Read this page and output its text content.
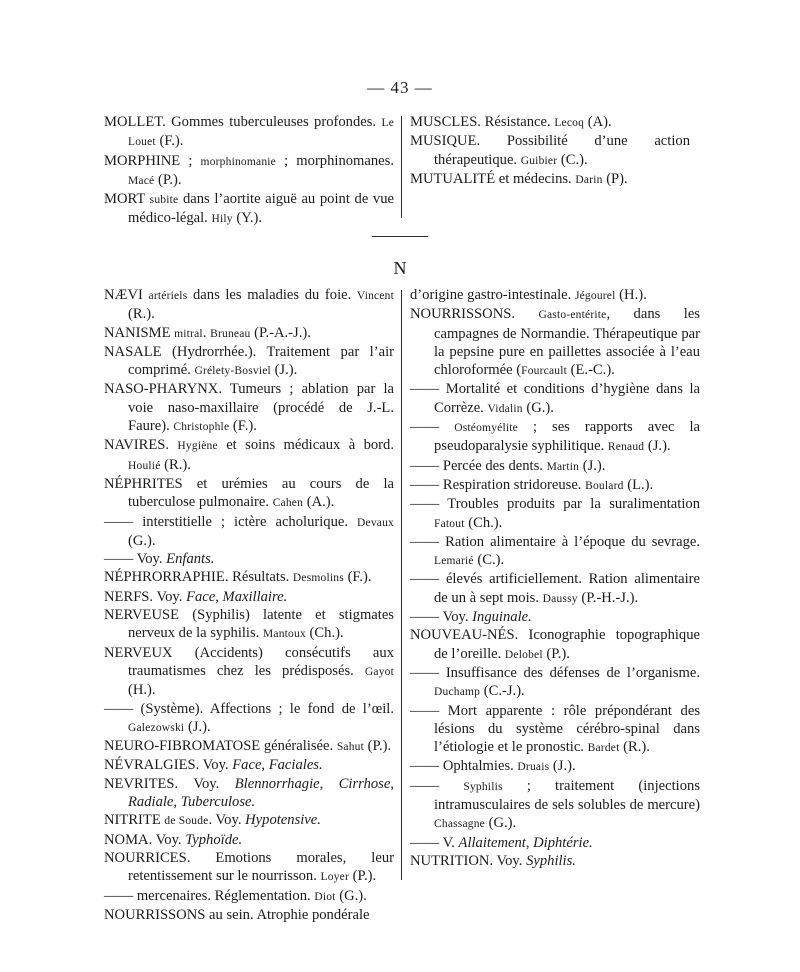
— 43 —

MOLLET. Gommes tuberculeuses profondes. Le Louet (F.).

MORPHINE ; morphinomanie ; morphinomanes. Macé (P.).

MORT subite dans l’aortite aiguë au point de vue médico-légal. Hily (Y.).

MUSCLES. Résistance. Lecoq (A).

MUSIQUE. Possibilité d’une action thérapeutique. Guibier (C.).

MUTUALITÉ et médecins. Darin (P).

N

NÆVI artériels dans les maladies du foie. Vincent (R.).

NANISME mitral. Bruneau (P.-A.-J.).

NASALE (Hydrorrhée.). Traitement par l’air comprimé. Grélety-Bosviel (J.).

NASO-PHARYNX. Tumeurs ; ablation par la voie naso-maxillaire (procédé de J.-L. Faure). Christophle (F.).

NAVIRES. Hygiène et soins médicaux à bord. Houlié (R.).

NÉPHRITES et urémies au cours de la tuberculose pulmonaire. Cahen (A.).

—— interstitielle ; ictère acholurique. Devaux (G.).

—— Voy. Enfants.

NÉPHRORRAPHIE. Résultats. Desmolins (F.).

NERFS. Voy. Face, Maxillaire.

NERVEUSE (Syphilis) latente et stigmates nerveux de la syphilis. Mantoux (Ch.).

NERVEUX (Accidents) consécutifs aux traumatismes chez les prédisposés. Gayot (H.).

—— (Système). Affections ; le fond de l’œil. Galezowski (J.).

NEURO-FIBROMATOSE généralisée. Sahut (P.).

NÉVRALGIES. Voy. Face, Faciales.

NEVRITES. Voy. Blennorrhagie, Cirrhose, Radiale, Tuberculose.

NITRITE de Soude. Voy. Hypotensive.

NOMA. Voy. Typhoïde.

NOURRICES. Emotions morales, leur retentissement sur le nourrisson. Loyer (P.).

—— mercenaires. Réglementation. Diot (G.).

NOURRISSONS au sein. Atrophie pondérale

d’origine gastro-intestinale. Jégourel (H.).

NOURRISSONS. Gasto-entérite, dans les campagnes de Normandie. Thérapeutique par la pepsine pure en paillettes associée à l’eau chloroformée (Fourcault (E.-C.).

—— Mortalité et conditions d’hygiène dans la Corrèze. Vidalin (G.).

—— Ostéomyélite ; ses rapports avec la pseudoparalysie syphilitique. Renaud (J.).

—— Percée des dents. Martin (J.).

—— Respiration stridoreuse. Boulard (L.).

—— Troubles produits par la suralimentation Fatout (Ch.).

—— Ration alimentaire à l’époque du sevrage. Lemarié (C.).

—— élevés artificiellement. Ration alimentaire de un à sept mois. Daussy (P.-H.-J.).

—— Voy. Inguinale.

NOUVEAU-NÉS. Iconographie topographique de l’oreille. Delobel (P.).

—— Insuffisance des défenses de l’organisme. Duchamp (C.-J.).

—— Mort apparente : rôle prépondérant des lésions du système cérébro-spinal dans l’étiologie et le pronostic. Bardet (R.).

—— Ophtalmies. Druais (J.).

—— Syphilis ; traitement (injections intramusculaires de sels solubles de mercure) Chassagne (G.).

—— V. Allaitement, Diphtérie.

NUTRITION. Voy. Syphilis.
